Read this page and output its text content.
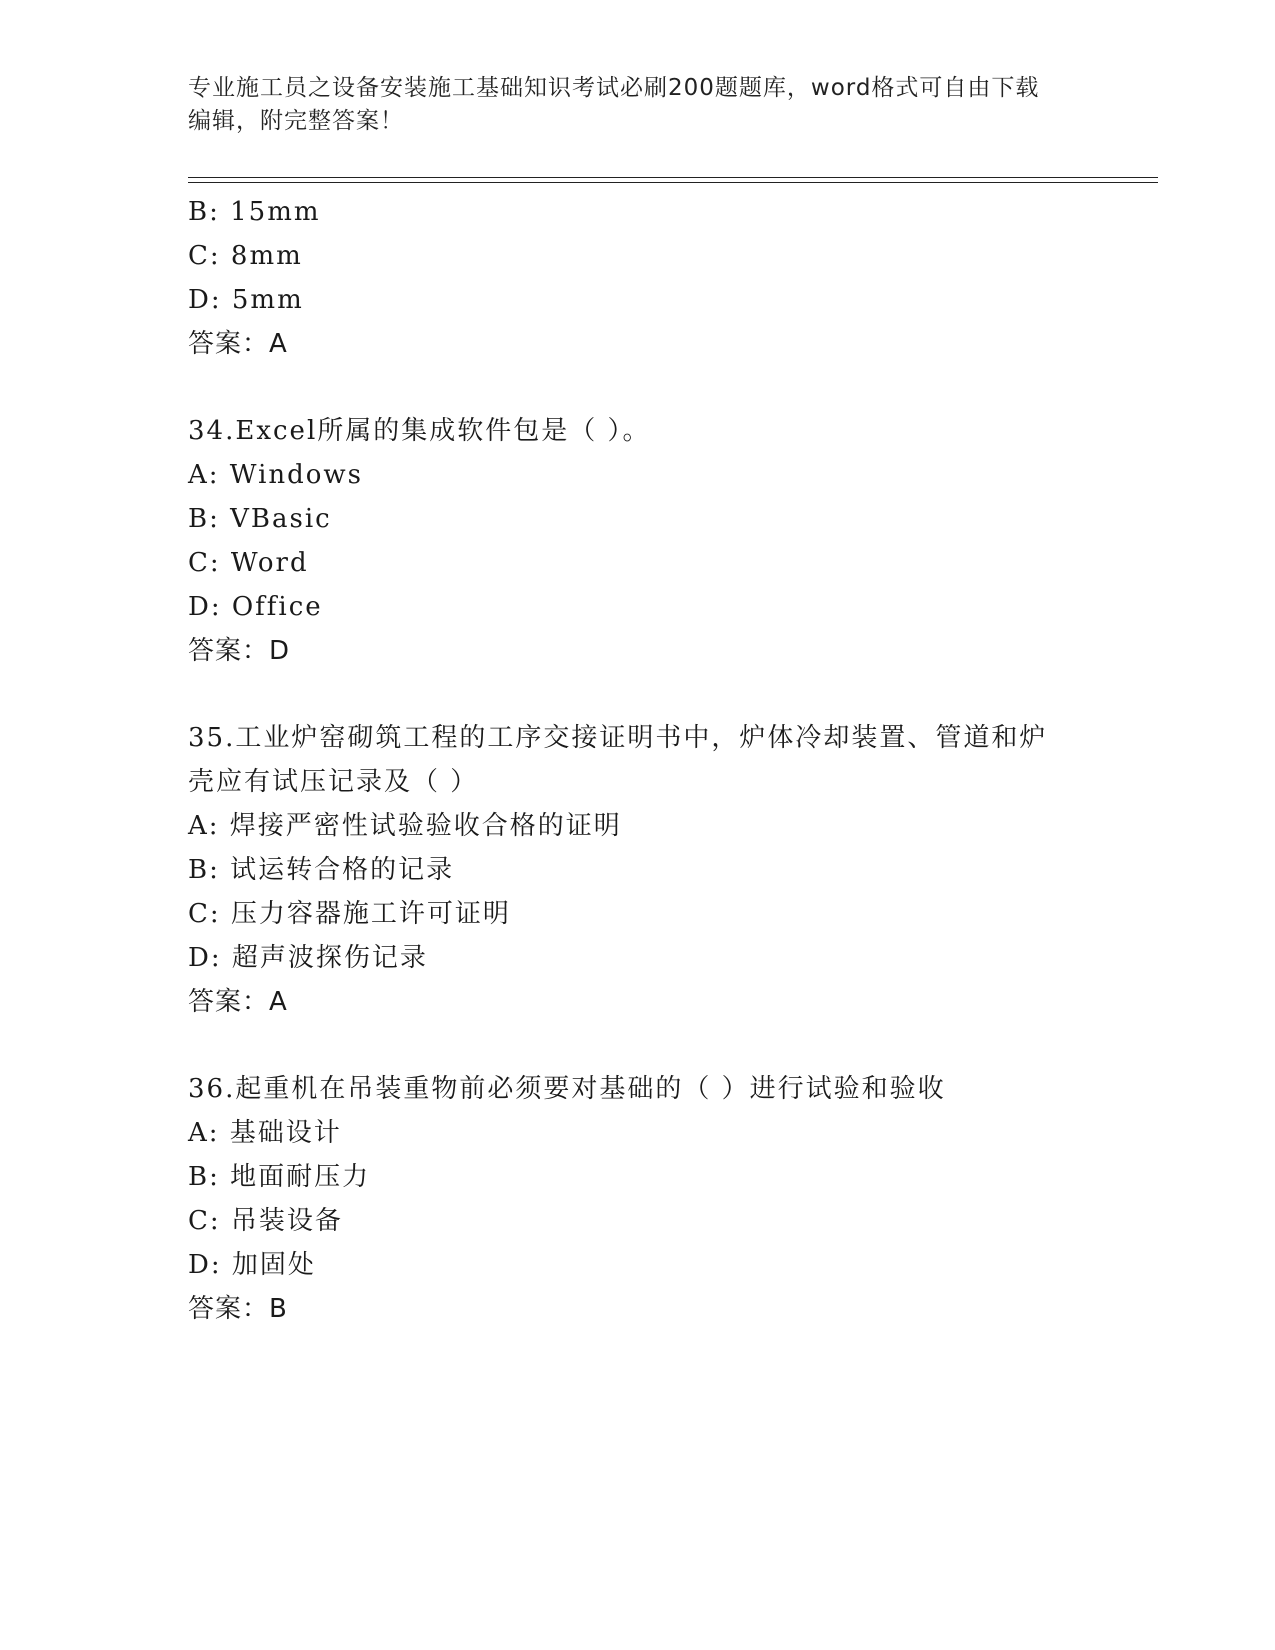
专业施工员之设备安装施工基础知识考试必刷200题题库，word格式可自由下载
编辑，附完整答案！
B: 15mm
C: 8mm
D: 5mm
答案：A
34.Excel所属的集成软件包是（ ）。
A: Windows
B: VBasic
C: Word
D: Office
答案：D
35.工业炉窑砌筑工程的工序交接证明书中，炉体冷却装置、管道和炉
壳应有试压记录及（ ）
A: 焊接严密性试验验收合格的证明
B: 试运转合格的记录
C: 压力容器施工许可证明
D: 超声波探伤记录
答案：A
36.起重机在吊装重物前必须要对基础的（ ）进行试验和验收
A: 基础设计
B: 地面耐压力
C: 吊装设备
D: 加固处
答案：B
